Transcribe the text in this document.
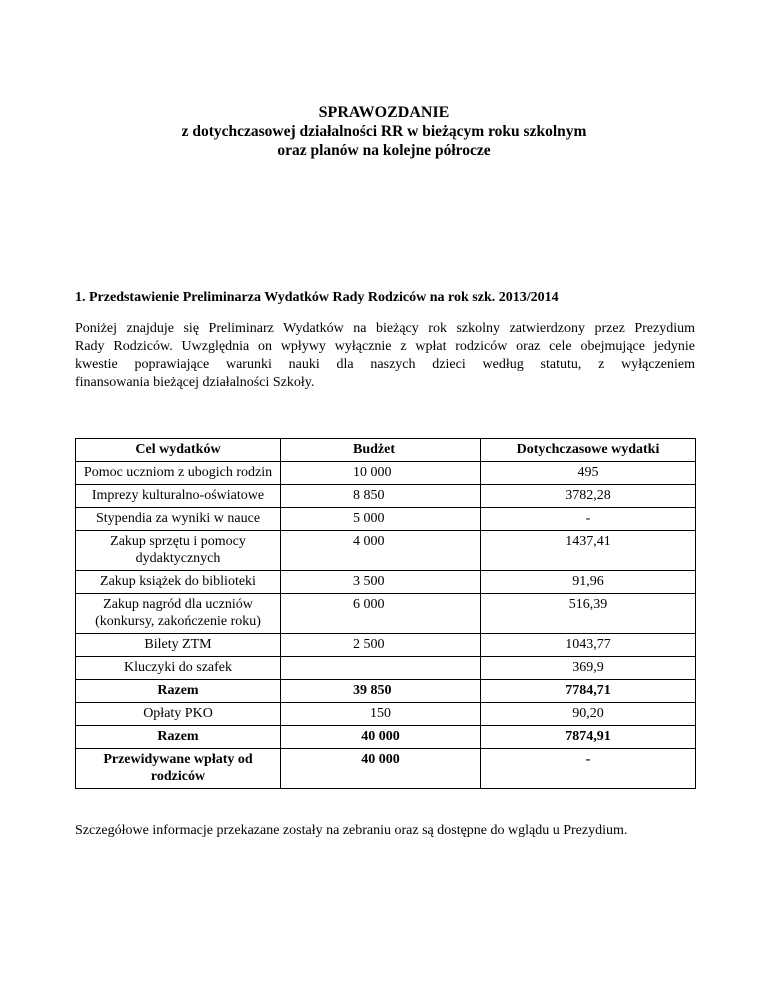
SPRAWOZDANIE
z dotychczasowej działalności RR w bieżącym roku szkolnym
oraz planów na kolejne półrocze
1. Przedstawienie Preliminarza Wydatków Rady Rodziców na rok szk. 2013/2014
Poniżej znajduje się Preliminarz Wydatków na bieżący rok szkolny zatwierdzony przez Prezydium
Rady Rodziców. Uwzględnia on wpływy wyłącznie z wpłat rodziców oraz cele obejmujące jedynie
kwestie poprawiające warunki nauki dla naszych dzieci według statutu, z wyłączeniem
finansowania bieżącej działalności Szkoły.
Cel wydatków	Budżet	Dotychczasowe wydatki
Pomoc uczniom z ubogich rodzin	10 000	495
Imprezy kulturalno-oświatowe	8 850	3782,28
Stypendia za wyniki w nauce	5 000	-
Zakup sprzętu i pomocy dydaktycznych	4 000	1437,41
Zakup książek do biblioteki	3 500	91,96
Zakup nagród dla uczniów (konkursy, zakończenie roku)	6 000	516,39
Bilety ZTM	2 500	1043,77
Kluczyki do szafek		369,9
Razem	39 850	7784,71
Opłaty PKO	150	90,20
Razem	40 000	7874,91
Przewidywane wpłaty od rodziców	40 000	-
Szczegółowe informacje przekazane zostały na zebraniu oraz są dostępne do wglądu u Prezydium.
